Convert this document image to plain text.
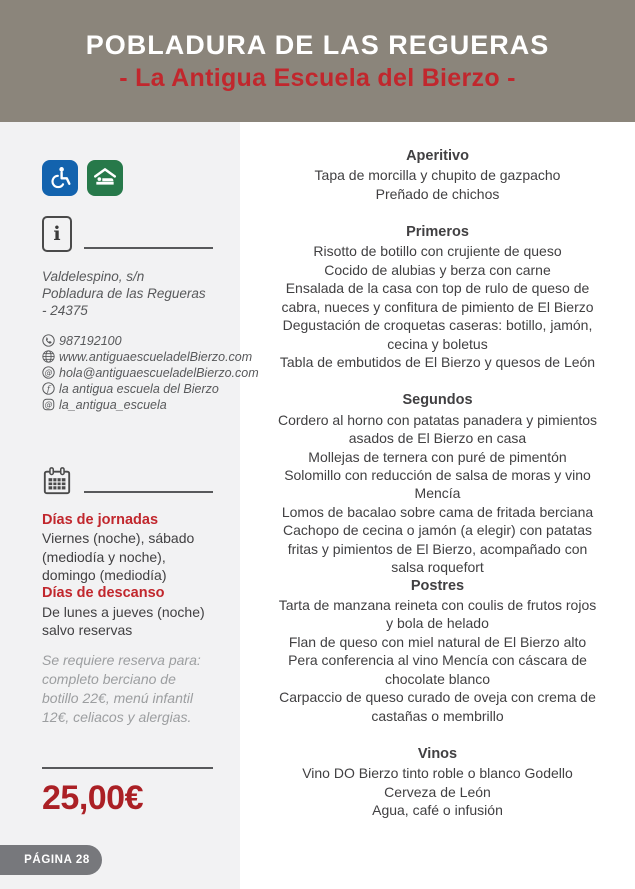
POBLADURA DE LAS REGUERAS
- La Antigua Escuela del Bierzo -
i
Valdelespino, s/n
Pobladura de las Regueras - 24375
987192100
www.antiguaescueladelBierzo.com
@ hola@antiguaescueladelBierzo.com
f la antigua escuela del Bierzo
@ la_antigua_escuela
Días de jornadas
Viernes (noche), sábado (mediodía y noche), domingo (mediodía)
Días de descanso
De lunes a jueves (noche) salvo reservas
Se requiere reserva para: completo berciano de botillo 22€, menú infantil 12€, celiacos y alergias.
25,00€
PÁGINA 28
Aperitivo
Tapa de morcilla y chupito de gazpacho
Preñado de chichos
Primeros
Risotto de botillo con crujiente de queso
Cocido de alubias y berza con carne
Ensalada de la casa con top de rulo de queso de cabra, nueces y confitura de pimiento de El Bierzo
Degustación de croquetas caseras: botillo, jamón, cecina y boletus
Tabla de embutidos de El Bierzo y quesos de León
Segundos
Cordero al horno con patatas panadera y pimientos asados de El Bierzo en casa
Mollejas de ternera con puré de pimentón
Solomillo con reducción de salsa de moras y vino Mencía
Lomos de bacalao sobre cama de fritada berciana
Cachopo de cecina o jamón (a elegir) con patatas fritas y pimientos de El Bierzo, acompañado con salsa roquefort
Postres
Tarta de manzana reineta con coulis de frutos rojos y bola de helado
Flan de queso con miel natural de El Bierzo alto
Pera conferencia al vino Mencía con cáscara de chocolate blanco
Carpaccio de queso curado de oveja con crema de castañas o membrillo
Vinos
Vino DO Bierzo tinto roble o blanco Godello
Cerveza de León
Agua, café o infusión
